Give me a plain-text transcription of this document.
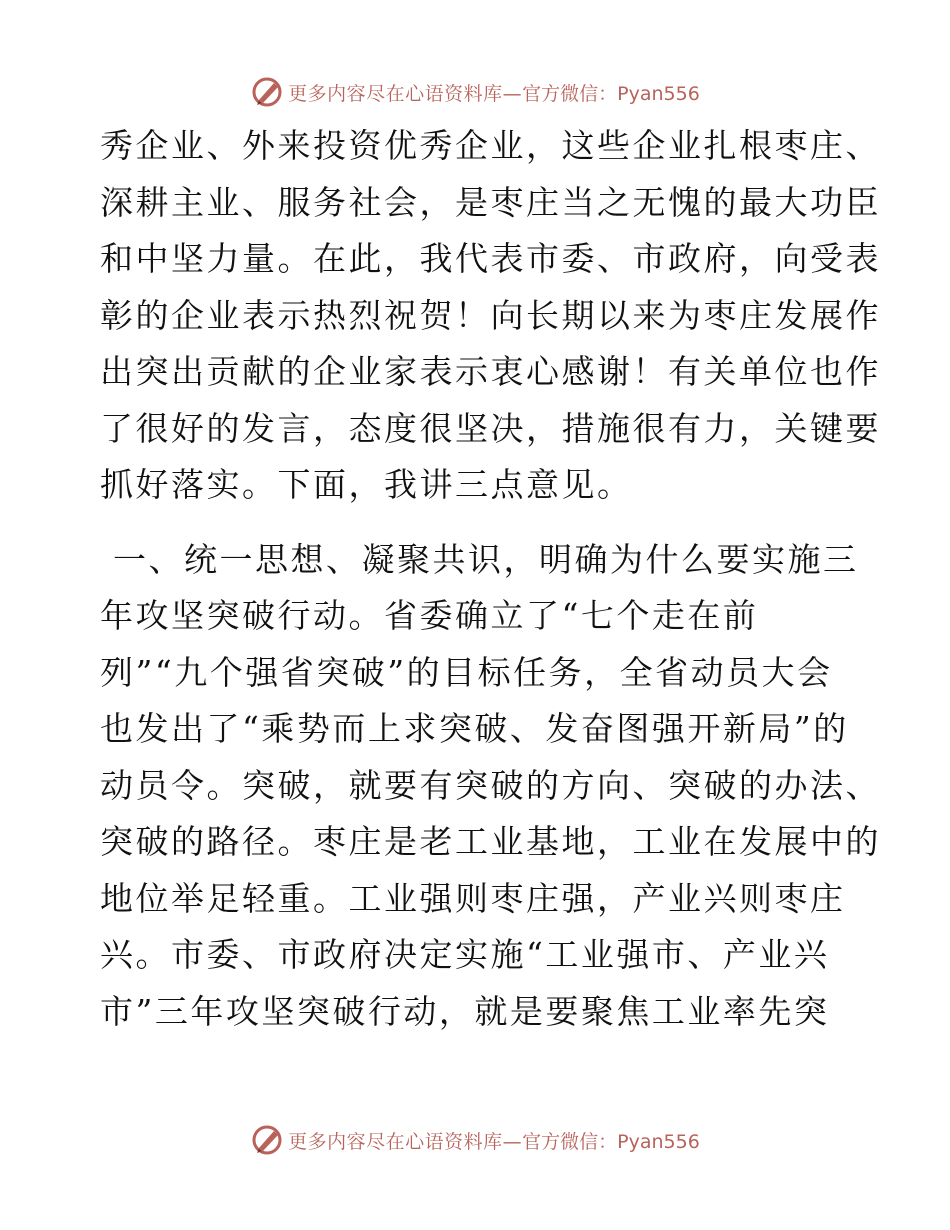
更多内容尽在心语资料库— 官方微信：Pyan556
秀企业、外来投资优秀企业，这些企业扎根枣庄、
深耕主业、服务社会，是枣庄当之无愧的最大功臣
和中坚力量。在此，我代表市委、市政府，向受表
彰的企业表示热烈祝贺！向长期以来为枣庄发展作
出突出贡献的企业家表示衷心感谢！有关单位也作
了很好的发言，态度很坚决，措施很有力，关键要
抓好落实。下面，我讲三点意见。
一、统一思想、凝聚共识，明确为什么要实施三
年攻坚突破行动。省委确立了“七个走在前
列”“九个强省突破”的目标任务，全省动员大会
也发出了“乘势而上求突破、发奋图强开新局”的
动员令。突破，就要有突破的方向、突破的办法、
突破的路径。枣庄是老工业基地，工业在发展中的
地位举足轻重。工业强则枣庄强，产业兴则枣庄
兴。市委、市政府决定实施“工业强市、产业兴
市”三年攻坚突破行动，就是要聚焦工业率先突
更多内容尽在心语资料库— 官方微信：Pyan556
